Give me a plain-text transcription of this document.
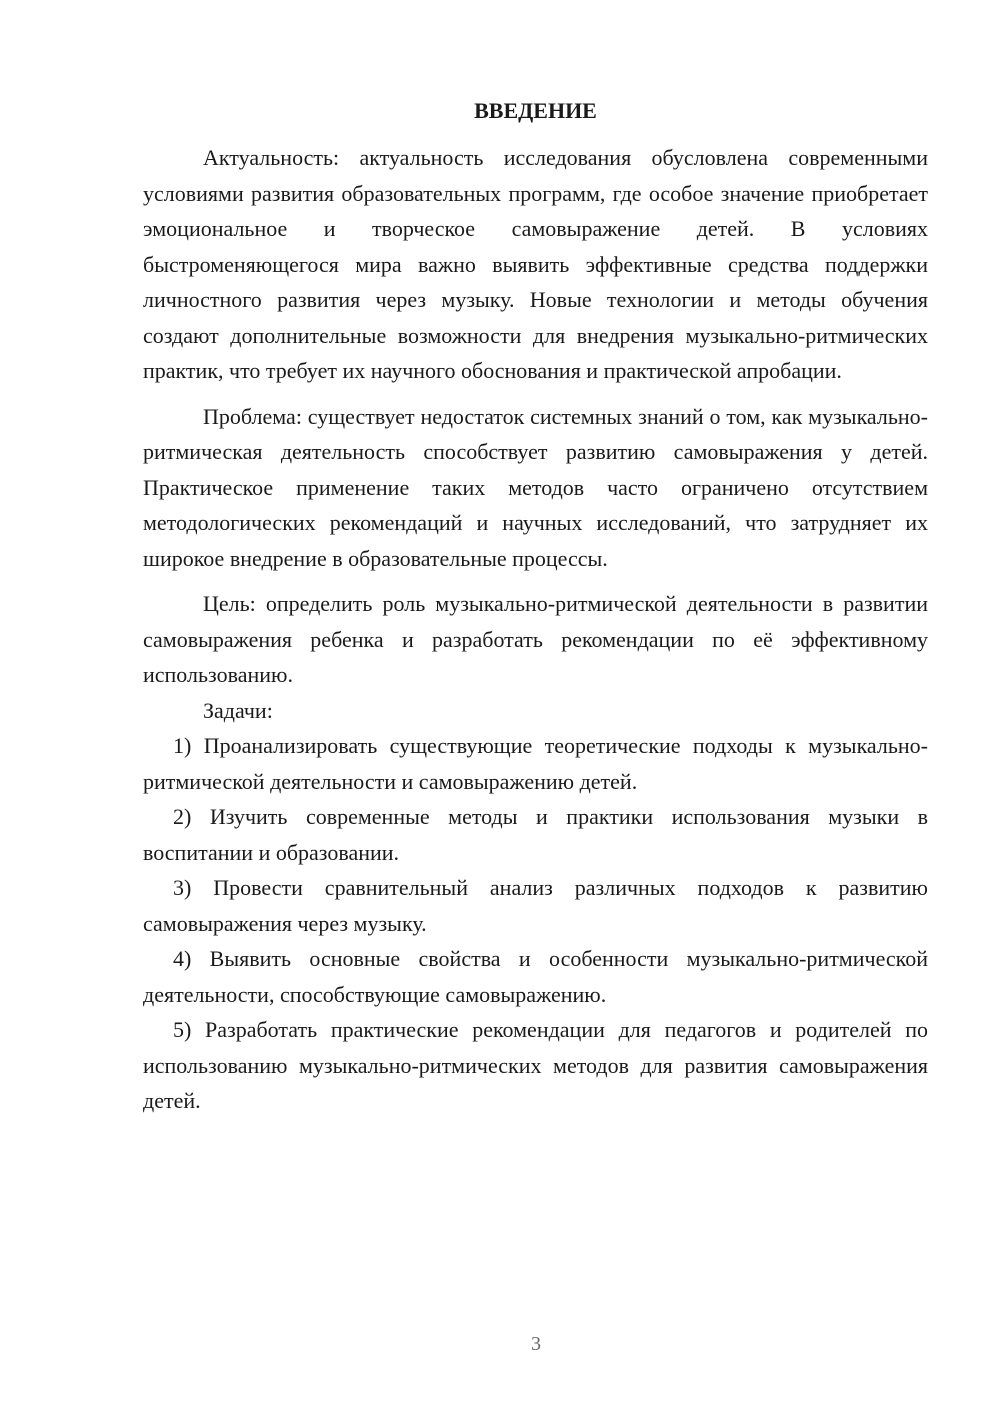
ВВЕДЕНИЕ

Актуальность: актуальность исследования обусловлена современными условиями развития образовательных программ, где особое значение приобретает эмоциональное и творческое самовыражение детей. В условиях быстроменяющегося мира важно выявить эффективные средства поддержки личностного развития через музыку. Новые технологии и методы обучения создают дополнительные возможности для внедрения музыкально-ритмических практик, что требует их научного обоснования и практической апробации.

Проблема: существует недостаток системных знаний о том, как музыкально-ритмическая деятельность способствует развитию самовыражения у детей. Практическое применение таких методов часто ограничено отсутствием методологических рекомендаций и научных исследований, что затрудняет их широкое внедрение в образовательные процессы.

Цель: определить роль музыкально-ритмической деятельности в развитии самовыражения ребенка и разработать рекомендации по её эффективному использованию.

Задачи:

1) Проанализировать существующие теоретические подходы к музыкально-ритмической деятельности и самовыражению детей.

2) Изучить современные методы и практики использования музыки в воспитании и образовании.

3) Провести сравнительный анализ различных подходов к развитию самовыражения через музыку.

4) Выявить основные свойства и особенности музыкально-ритмической деятельности, способствующие самовыражению.

5) Разработать практические рекомендации для педагогов и родителей по использованию музыкально-ритмических методов для развития самовыражения детей.

3
